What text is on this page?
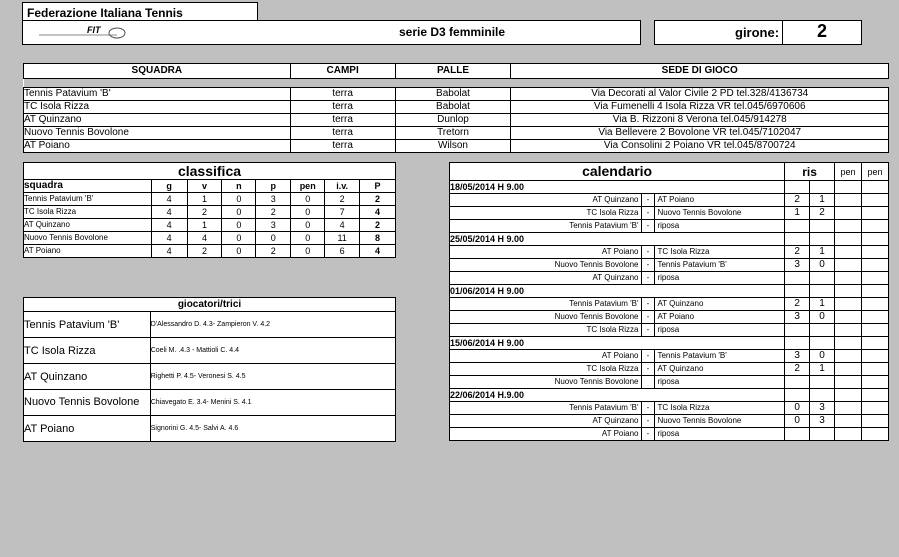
Federazione Italiana Tennis
FIT	serie D3 femminile	girone: 2
SQUADRA	CAMPI	PALLE	SEDE DI GIOCO

Tennis Patavium 'B'	terra	Babolat	Via Decorati al Valor Civile 2 PD tel.328/4136734
TC Isola Rizza	terra	Babolat	Via Fumenelli 4 Isola Rizza VR tel.045/6970606
AT Quinzano	terra	Dunlop	Via B. Rizzoni 8 Verona tel.045/914278
Nuovo Tennis Bovolone	terra	Tretorn	Via Bellevere 2 Bovolone VR tel.045/7102047
AT Poiano	terra	Wilson	Via Consolini 2 Poiano VR tel.045/8700724
classifica							
squadra	g	v	n	p	pen	i.v.	P
Tennis Patavium 'B'	4	1	0	3	0	2	2
TC Isola Rizza	4	2	0	2	0	7	4
AT Quinzano	4	1	0	3	0	4	2
Nuovo Tennis Bovolone	4	4	0	0	0	11	8
AT Poiano	4	2	0	2	0	6	4
giocatori/trici	
Tennis Patavium 'B'	D'Alessandro D. 4.3- Zampieron V. 4.2
TC Isola Rizza	Coeli M. .4.3 - Mattioli C. 4.4
AT Quinzano	Righetti P. 4.5- Veronesi S. 4.5
Nuovo Tennis Bovolone	Chiavegato E. 3.4- Menini S. 4.1
AT Poiano	Signorini G. 4.5- Salvi A. 4.6
calendario			ris		pen	pen
18/05/2014 H 9.00						
AT Quinzano	-	AT Poiano	2	1		
TC Isola Rizza	-	Nuovo Tennis Bovolone	1	2		
Tennis Patavium 'B'	-	riposa				
25/05/2014 H 9.00						
AT Poiano	-	TC Isola Rizza	2	1		
Nuovo Tennis Bovolone	-	Tennis Patavium 'B'	3	0		
AT Quinzano	-	riposa				
01/06/2014 H 9.00						
Tennis Patavium 'B'	-	AT Quinzano	2	1		
Nuovo Tennis Bovolone	-	AT Poiano	3	0		
TC Isola Rizza	-	riposa				
15/06/2014 H 9.00						
AT Poiano	-	Tennis Patavium 'B'	3	0		
TC Isola Rizza	-	AT Quinzano	2	1		
Nuovo Tennis Bovolone		riposa				
22/06/2014 H.9.00						
Tennis Patavium 'B'	-	TC Isola Rizza	0	3		
AT Quinzano	-	Nuovo Tennis Bovolone	0	3		
AT Poiano	-	riposa				
